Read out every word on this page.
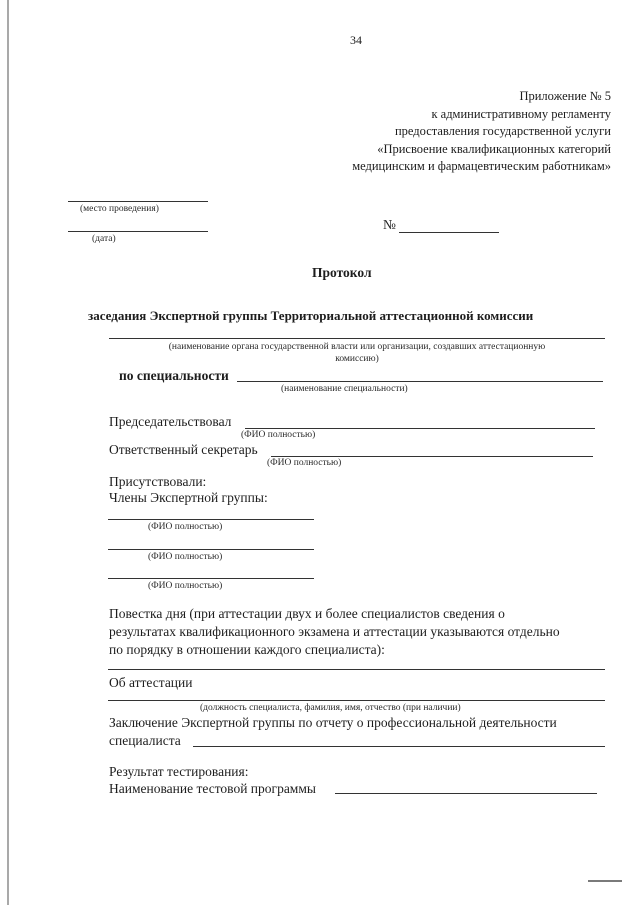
34
Приложение № 5
к административному регламенту
предоставления государственной услуги
«Присвоение квалификационных категорий
медицинским и фармацевтическим работникам»
(место проведения)
(дата)
№
Протокол
заседания Экспертной группы Территориальной аттестационной комиссии
(наименование органа государственной власти или организации, создавших аттестационную
комиссию)
по специальности
(наименование специальности)
Председательствовал
(ФИО полностью)
Ответственный секретарь
(ФИО полностью)
Присутствовали:
Члены Экспертной группы:
(ФИО полностью)
(ФИО полностью)
(ФИО полностью)
Повестка дня (при аттестации двух и более специалистов сведения о
результатах квалификационного экзамена и аттестации указываются отдельно
по порядку в отношении каждого специалиста):
Об аттестации
(должность специалиста, фамилия, имя, отчество (при наличии)
Заключение Экспертной группы по отчету о профессиональной деятельности
специалиста
Результат тестирования:
Наименование тестовой программы
